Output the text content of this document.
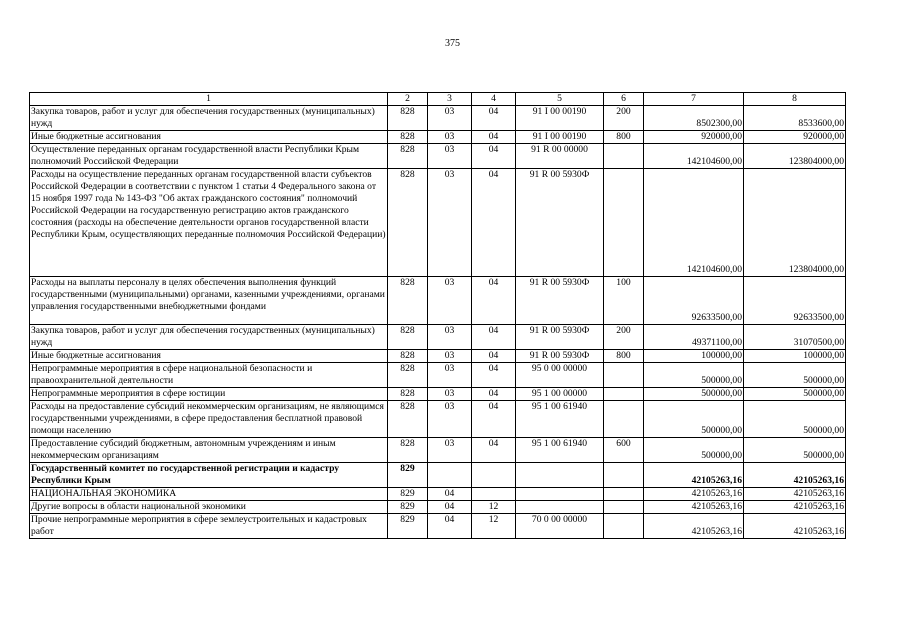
375
1	2	3	4	5	6	7	8
Закупка товаров, работ и услуг для обеспечения государственных (муниципальных) нужд	828	03	04	91 I 00 00190	200	8502300,00	8533600,00
Иные бюджетные ассигнования	828	03	04	91 I 00 00190	800	920000,00	920000,00
Осуществление переданных органам государственной власти Республики Крым полномочий Российской Федерации	828	03	04	91 R 00 00000		142104600,00	123804000,00
Расходы на осуществление переданных органам государственной власти субъектов Российской Федерации в соответствии с пунктом 1 статьи 4 Федерального закона от 15 ноября 1997 года № 143-ФЗ "Об актах гражданского состояния" полномочий Российской Федерации на государственную регистрацию актов гражданского состояния (расходы на обеспечение деятельности органов государственной власти Республики Крым, осуществляющих переданные полномочия Российской Федерации)	828	03	04	91 R 00 5930Ф		142104600,00	123804000,00
Расходы на выплаты персоналу в целях обеспечения выполнения функций государственными (муниципальными) органами, казенными учреждениями, органами управления государственными внебюджетными фондами	828	03	04	91 R 00 5930Ф	100	92633500,00	92633500,00
Закупка товаров, работ и услуг для обеспечения государственных (муниципальных) нужд	828	03	04	91 R 00 5930Ф	200	49371100,00	31070500,00
Иные бюджетные ассигнования	828	03	04	91 R 00 5930Ф	800	100000,00	100000,00
Непрограммные мероприятия в сфере национальной безопасности и правоохранительной деятельности	828	03	04	95 0 00 00000		500000,00	500000,00
Непрограммные мероприятия в сфере юстиции	828	03	04	95 1 00 00000		500000,00	500000,00
Расходы на предоставление субсидий некоммерческим организациям, не являющимся государственными учреждениями, в сфере предоставления бесплатной правовой помощи населению	828	03	04	95 1 00 61940		500000,00	500000,00
Предоставление субсидий бюджетным, автономным учреждениям и иным некоммерческим организациям	828	03	04	95 1 00 61940	600	500000,00	500000,00
Государственный комитет по государственной регистрации и кадастру Республики Крым	829					42105263,16	42105263,16
НАЦИОНАЛЬНАЯ ЭКОНОМИКА	829	04				42105263,16	42105263,16
Другие вопросы в области национальной экономики	829	04	12			42105263,16	42105263,16
Прочие непрограммные мероприятия в сфере землеустроительных и кадастровых работ	829	04	12	70 0 00 00000		42105263,16	42105263,16
